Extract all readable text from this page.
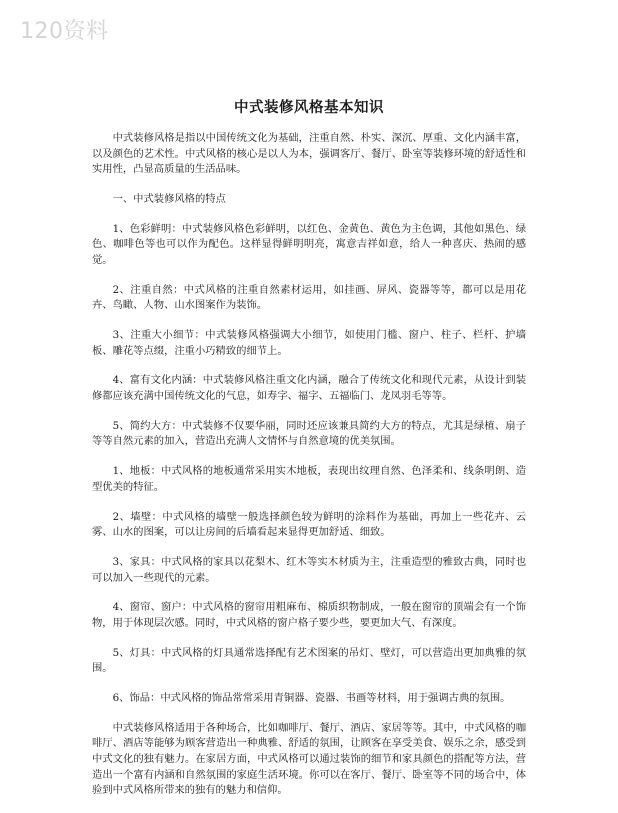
120资料
中式装修风格基本知识

中式装修风格是指以中国传统文化为基础，注重自然、朴实、深沉、厚重、文化内涵丰富，以及颜色的艺术性。中式风格的核心是以人为本，强调客厅、餐厅、卧室等装修环境的舒适性和实用性，凸显高质量的生活品味。

一、中式装修风格的特点

1、色彩鲜明：中式装修风格色彩鲜明，以红色、金黄色、黄色为主色调，其他如黑色、绿色、咖啡色等也可以作为配色。这样显得鲜明明亮，寓意吉祥如意，给人一种喜庆、热闹的感觉。

2、注重自然：中式风格的注重自然素材运用，如挂画、屏风、瓷器等等，都可以是用花卉、鸟瞰、人物、山水图案作为装饰。

3、注重大小细节：中式装修风格强调大小细节，如使用门槛、窗户、柱子、栏杆、护墙板、雕花等点缀，注重小巧精致的细节上。

4、富有文化内涵：中式装修风格注重文化内涵，融合了传统文化和现代元素，从设计到装修都应该充满中国传统文化的气息，如寿字、福字、五福临门、龙凤羽毛等等。

5、简约大方：中式装修不仅要华丽，同时还应该兼具简约大方的特点，尤其是绿植、扇子等等自然元素的加入，营造出充满人文情怀与自然意境的优美氛围。

1、地板：中式风格的地板通常采用实木地板，表现出纹理自然、色泽柔和、线条明朗、造型优美的特征。

2、墙壁：中式风格的墙壁一般选择颜色较为鲜明的涂料作为基础，再加上一些花卉、云雾、山水的图案，可以让房间的后墙看起来显得更加舒适、细致。

3、家具：中式风格的家具以花梨木、红木等实木材质为主，注重造型的雅致古典，同时也可以加入一些现代的元素。

4、窗帘、窗户：中式风格的窗帘用粗麻布、棉质织物制成，一般在窗帘的顶端会有一个饰物，用于体现层次感。同时，中式风格的窗户格子要少些，要更加大气、有深度。

5、灯具：中式风格的灯具通常选择配有艺术图案的吊灯、壁灯，可以营造出更加典雅的氛围。

6、饰品：中式风格的饰品常常采用青铜器、瓷器、书画等材料，用于强调古典的氛围。

中式装修风格适用于各种场合，比如咖啡厅、餐厅、酒店、家居等等。其中，中式风格的咖啡厅、酒店等能够为顾客营造出一种典雅、舒适的氛围，让顾客在享受美食、娱乐之余，感受到中式文化的独有魅力。在家居方面，中式风格可以通过装饰的细节和家具颜色的搭配等方法，营造出一个富有内涵和自然氛围的家庭生活环境。你可以在客厅、餐厅、卧室等不同的场合中，体验到中式风格所带来的独有的魅力和信仰。
